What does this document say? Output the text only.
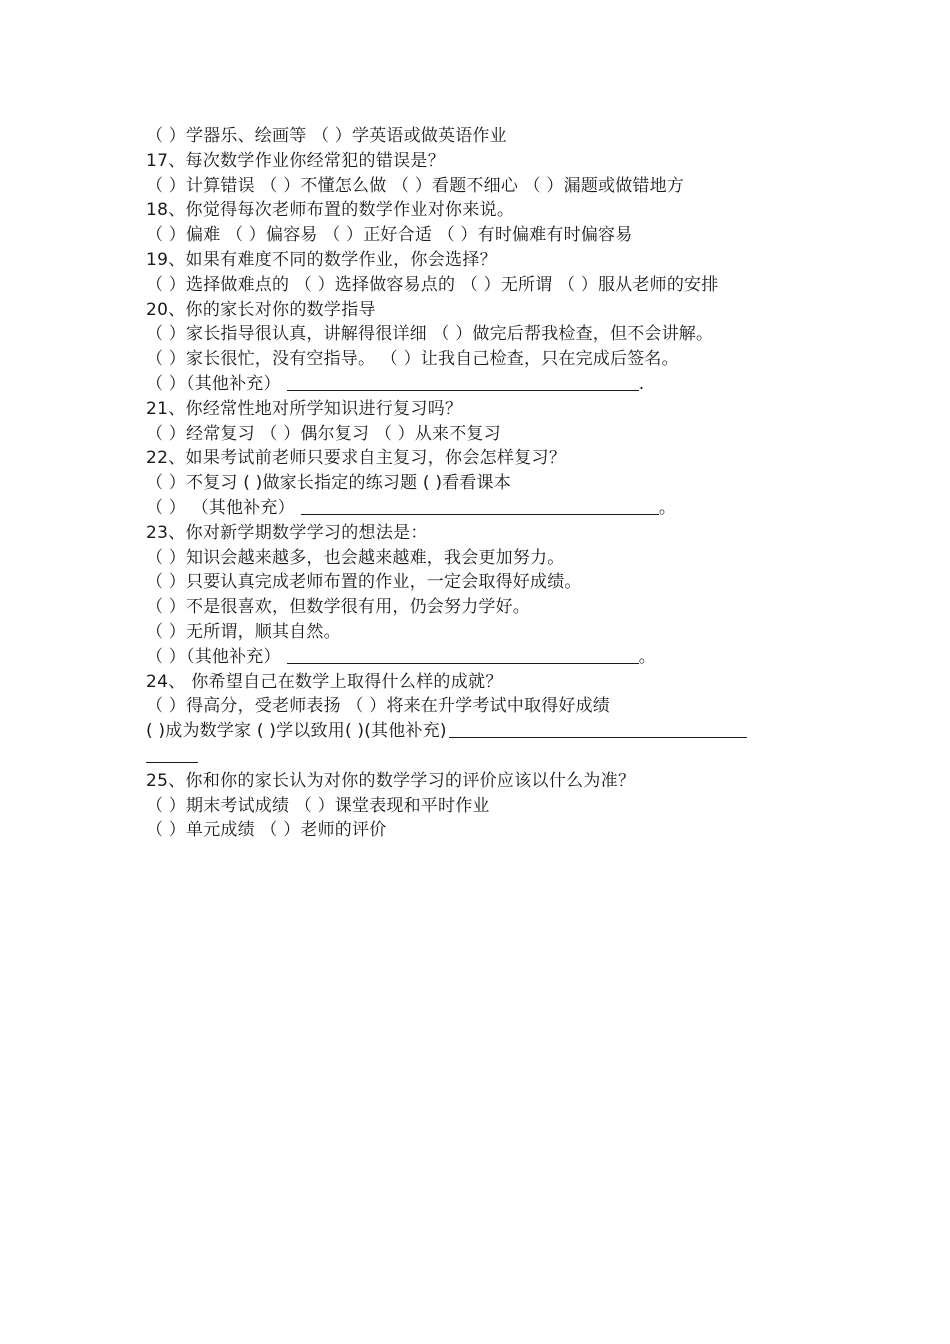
（ ）学器乐、绘画等 （ ）学英语或做英语作业
17、每次数学作业你经常犯的错误是？
（ ）计算错误 （ ）不懂怎么做 （ ）看题不细心 （ ）漏题或做错地方
18、你觉得每次老师布置的数学作业对你来说。
（ ）偏难 （ ）偏容易 （ ）正好合适 （ ）有时偏难有时偏容易
19、如果有难度不同的数学作业，你会选择？
（ ）选择做难点的 （ ）选择做容易点的 （ ）无所谓 （ ）服从老师的安排
20、你的家长对你的数学指导
（ ）家长指导很认真，讲解得很详细 （ ）做完后帮我检查，但不会讲解。
（ ）家长很忙，没有空指导。 （ ）让我自己检查，只在完成后签名。
（ ）（其他补充）	.
21、你经常性地对所学知识进行复习吗？
（ ）经常复习 （ ）偶尔复习 （ ）从来不复习
22、如果考试前老师只要求自主复习，你会怎样复习？
（ ）不复习 ( )做家长指定的练习题 ( )看看课本
（ ） （其他补充）	。
23、你对新学期数学学习的想法是：
（ ）知识会越来越多，也会越来越难，我会更加努力。
（ ）只要认真完成老师布置的作业，一定会取得好成绩。
（ ）不是很喜欢，但数学很有用，仍会努力学好。
（ ）无所谓，顺其自然。
（ ）（其他补充）	。
24、 你希望自己在数学上取得什么样的成就？
（ ）得高分，受老师表扬 （ ）将来在升学考试中取得好成绩
( )成为数学家 ( )学以致用( )(其他补充)
25、你和你的家长认为对你的数学学习的评价应该以什么为准？
（ ）期末考试成绩 （ ）课堂表现和平时作业
（ ）单元成绩 （ ）老师的评价
